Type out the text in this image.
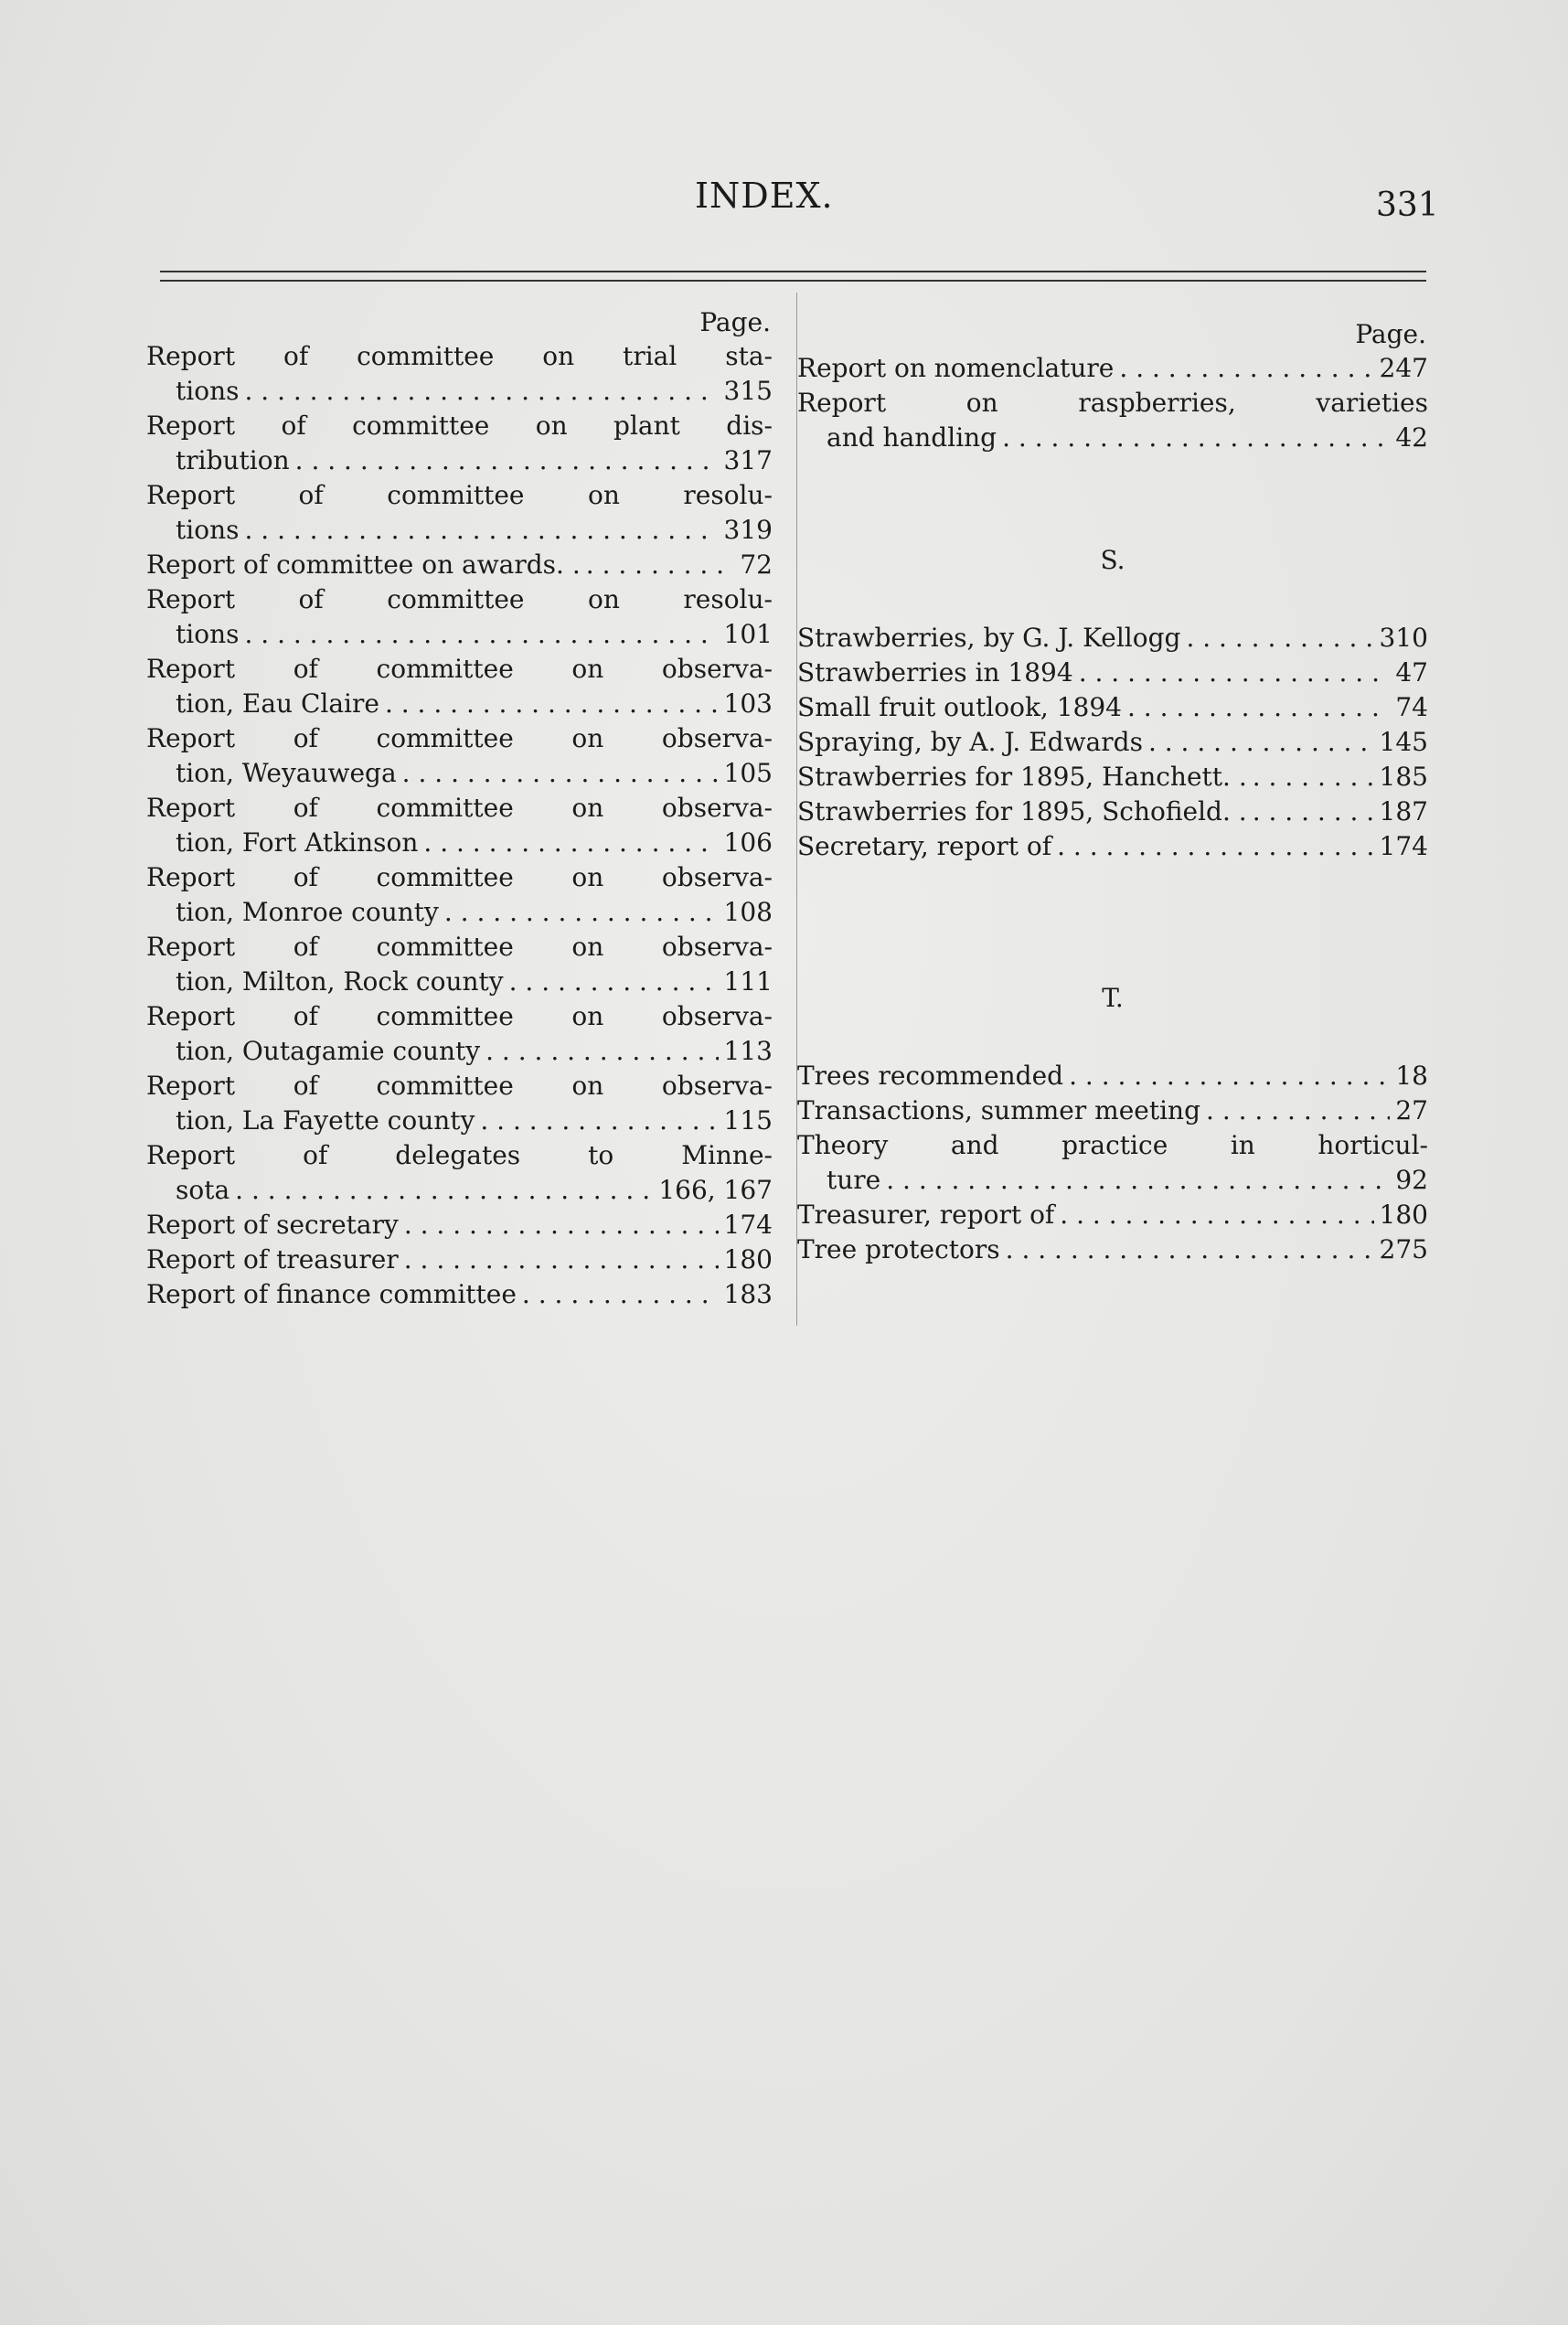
INDEX.	331
Page.
Report of committee on trial sta-
tions . . .	315
Report of committee on plant dis-
tribution . . .	317
Report of committee on resolu-
tions . . .	319
Report of committee on awards. . . . .	72
Report of committee on resolu-
tions . . .	101
Report of committee on observa-
tion, Eau Claire . . .	103
Report of committee on observa-
tion, Weyauwega . . .	105
Report of committee on observa-
tion, Fort Atkinson . . .	106
Report of committee on observa-
tion, Monroe county . . .	108
Report of committee on observa-
tion, Milton, Rock county . . .	111
Report of committee on observa-
tion, Outagamie county . . .	113
Report of committee on observa-
tion, La Fayette county . . .	115
Report of delegates to Minne-
sota . . .	166, 167
Report of secretary . . .	174
Report of treasurer . . .	180
Report of finance committee . . .	183
Page.
Report on nomenclature . . .	247
Report on raspberries, varieties
and handling . . .	42
S.
Strawberries, by G. J. Kellogg . . .	310
Strawberries in 1894 . . .	47
Small fruit outlook, 1894 . . .	74
Spraying, by A. J. Edwards . . .	145
Strawberries for 1895, Hanchett. . . . .	185
Strawberries for 1895, Schofield. . . . .	187
Secretary, report of . . .	174
T.
Trees recommended . . .	18
Transactions, summer meeting . . .	27
Theory and practice in horticul-
ture . . .	92
Treasurer, report of . . .	180
Tree protectors . . .	275
